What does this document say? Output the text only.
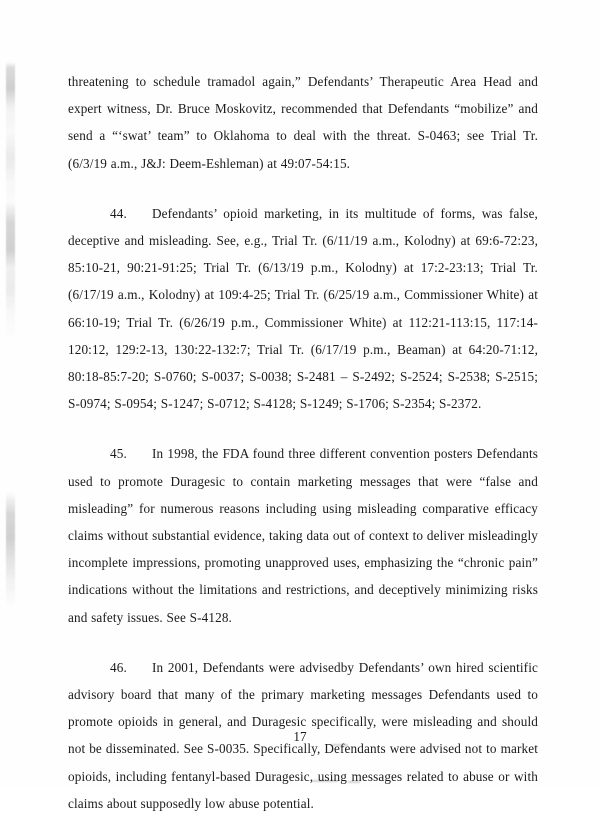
threatening to schedule tramadol again,” Defendants’ Therapeutic Area Head and expert witness, Dr. Bruce Moskovitz, recommended that Defendants “mobilize” and send a “‘swat’ team” to Oklahoma to deal with the threat. S-0463; see Trial Tr. (6/3/19 a.m., J&J: Deem-Eshleman) at 49:07-54:15.

44. Defendants’ opioid marketing, in its multitude of forms, was false, deceptive and misleading. See, e.g., Trial Tr. (6/11/19 a.m., Kolodny) at 69:6-72:23, 85:10-21, 90:21-91:25; Trial Tr. (6/13/19 p.m., Kolodny) at 17:2-23:13; Trial Tr. (6/17/19 a.m., Kolodny) at 109:4-25; Trial Tr. (6/25/19 a.m., Commissioner White) at 66:10-19; Trial Tr. (6/26/19 p.m., Commissioner White) at 112:21-113:15, 117:14-120:12, 129:2-13, 130:22-132:7; Trial Tr. (6/17/19 p.m., Beaman) at 64:20-71:12, 80:18-85:7-20; S-0760; S-0037; S-0038; S-2481 – S-2492; S-2524; S-2538; S-2515; S-0974; S-0954; S-1247; S-0712; S-4128; S-1249; S-1706; S-2354; S-2372.

45. In 1998, the FDA found three different convention posters Defendants used to promote Duragesic to contain marketing messages that were “false and misleading” for numerous reasons including using misleading comparative efficacy claims without substantial evidence, taking data out of context to deliver misleadingly incomplete impressions, promoting unapproved uses, emphasizing the “chronic pain” indications without the limitations and restrictions, and deceptively minimizing risks and safety issues. See S-4128.

46. In 2001, Defendants were advisedby Defendants’ own hired scientific advisory board that many of the primary marketing messages Defendants used to promote opioids in general, and Duragesic specifically, were misleading and should not be disseminated. See S-0035. Specifically, Defendants were advised not to market opioids, including fentanyl-based Duragesic, using messages related to abuse or with claims about supposedly low abuse potential.

17
